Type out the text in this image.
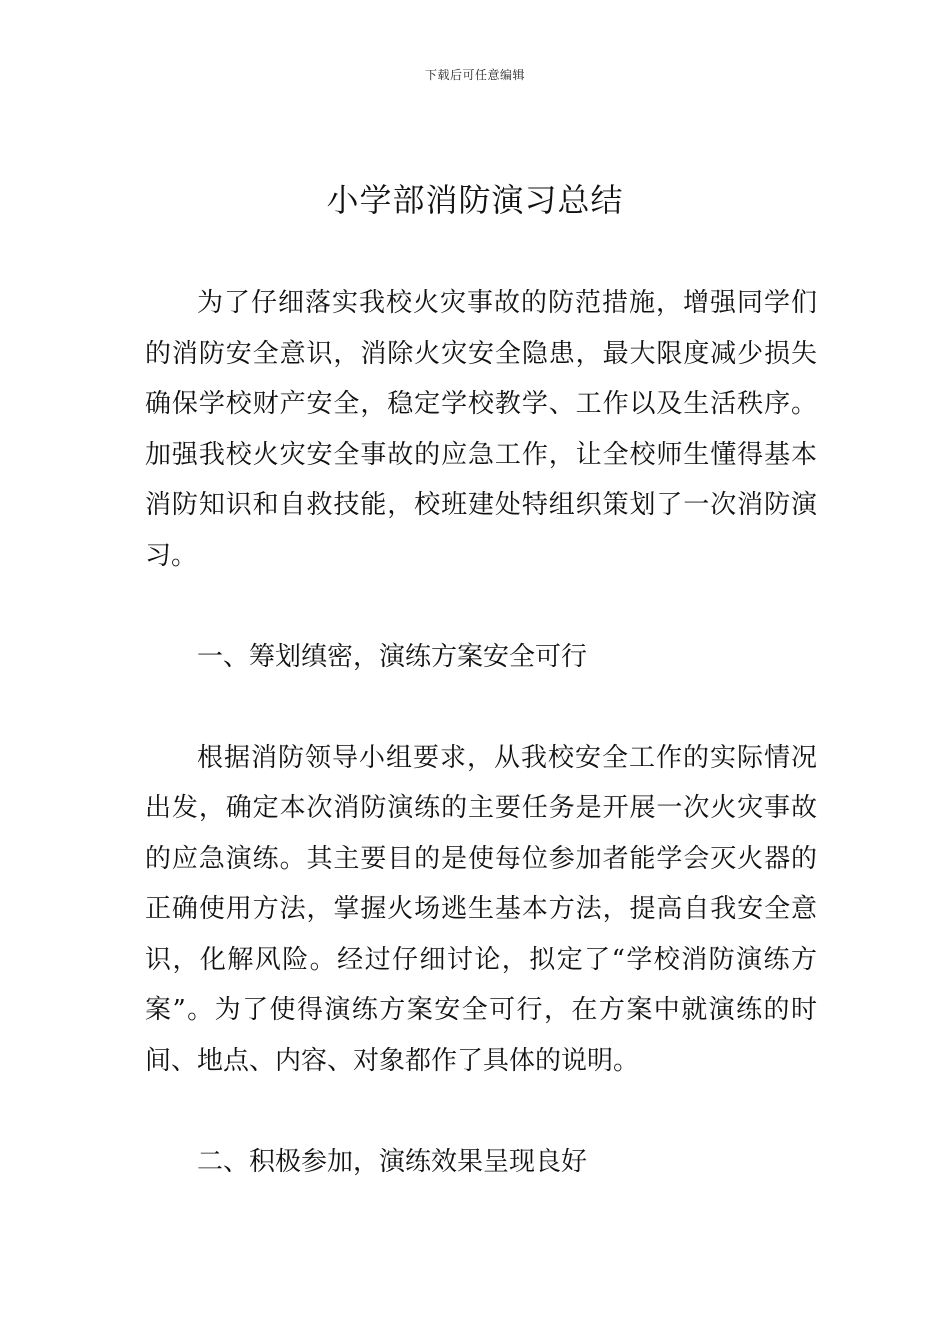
下载后可任意编辑
小学部消防演习总结

为了仔细落实我校火灾事故的防范措施，增强同学们的消防安全意识，消除火灾安全隐患，最大限度减少损失确保学校财产安全，稳定学校教学、工作以及生活秩序。加强我校火灾安全事故的应急工作，让全校师生懂得基本消防知识和自救技能，校班建处特组织策划了一次消防演习。

一、筹划缜密，演练方案安全可行

根据消防领导小组要求，从我校安全工作的实际情况出发，确定本次消防演练的主要任务是开展一次火灾事故的应急演练。其主要目的是使每位参加者能学会灭火器的正确使用方法，掌握火场逃生基本方法，提高自我安全意识，化解风险。经过仔细讨论，拟定了“学校消防演练方案”。为了使得演练方案安全可行，在方案中就演练的时间、地点、内容、对象都作了具体的说明。

二、积极参加，演练效果呈现良好
